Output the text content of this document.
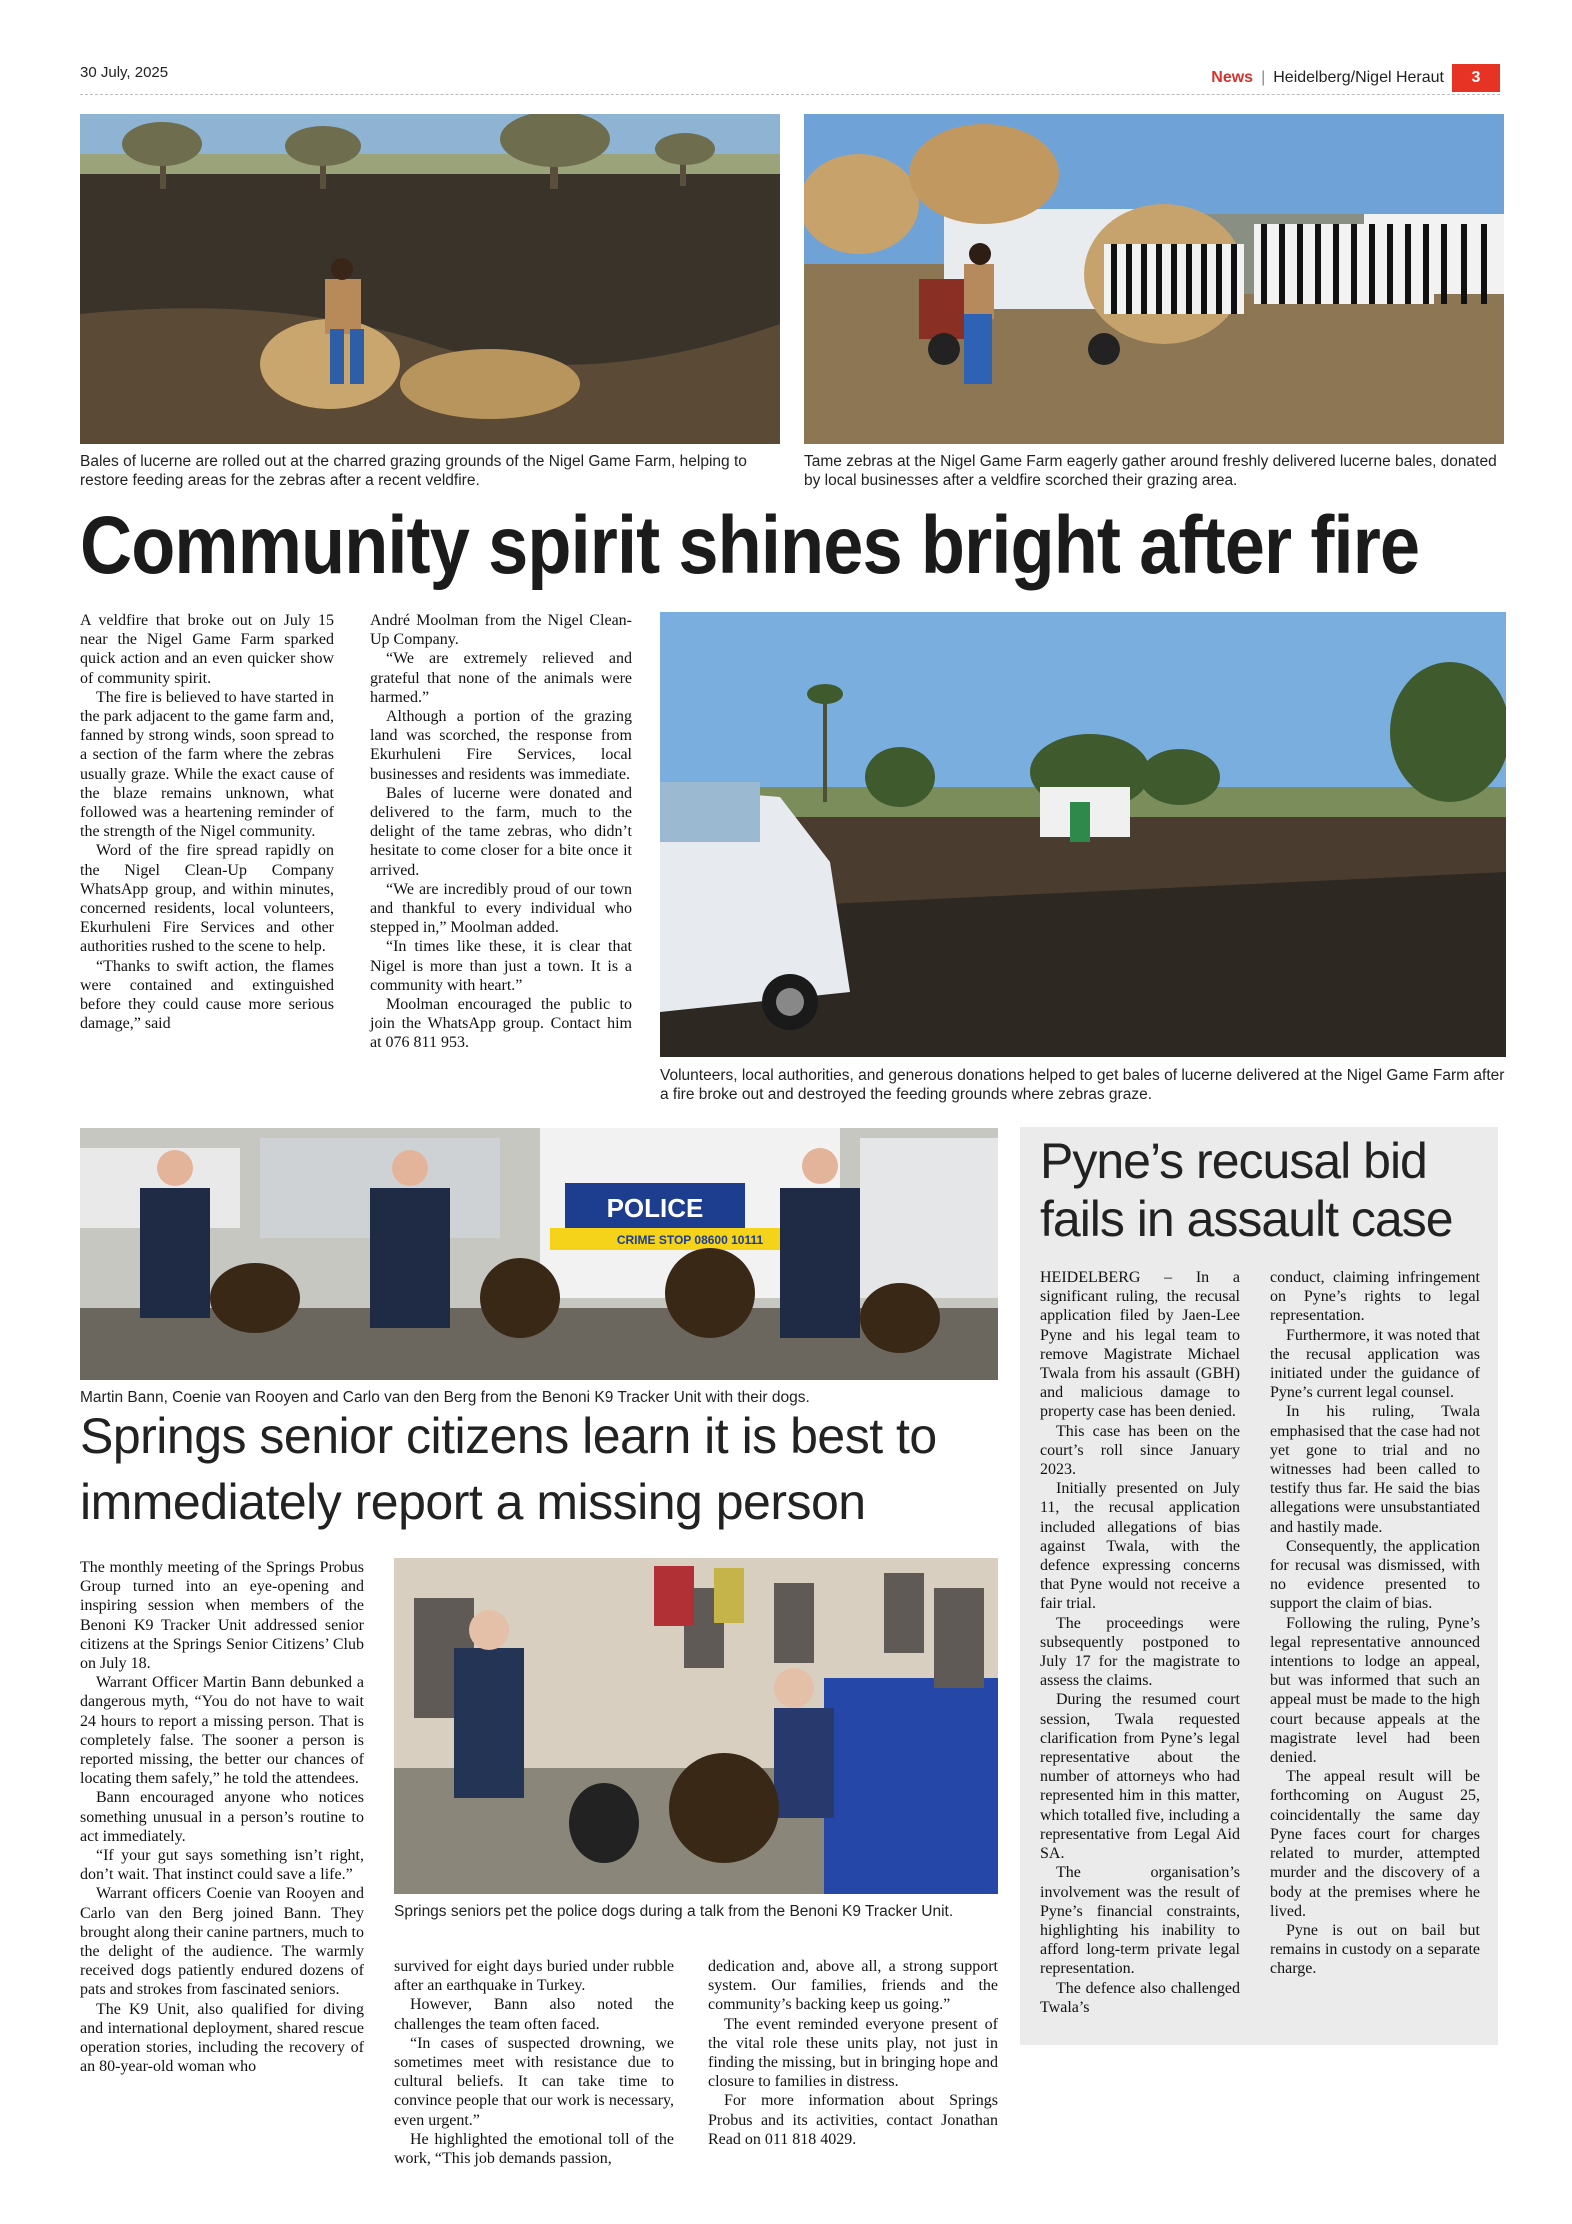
30 July, 2025	News | Heidelberg/Nigel Heraut	3
Bales of lucerne are rolled out at the charred grazing grounds of the Nigel Game Farm, helping to restore feeding areas for the zebras after a recent veldfire.
Tame zebras at the Nigel Game Farm eagerly gather around freshly delivered lucerne bales, donated by local businesses after a veldfire scorched their grazing area.
Community spirit shines bright after fire

A veldfire that broke out on July 15 near the Nigel Game Farm sparked quick action and an even quicker show of community spirit.

The fire is believed to have started in the park adjacent to the game farm and, fanned by strong winds, soon spread to a section of the farm where the zebras usually graze. While the exact cause of the blaze remains unknown, what followed was a heartening reminder of the strength of the Nigel community.

Word of the fire spread rapidly on the Nigel Clean-Up Company WhatsApp group, and within minutes, concerned residents, local volunteers, Ekurhuleni Fire Services and other authorities rushed to the scene to help.

“Thanks to swift action, the flames were contained and extinguished before they could cause more serious damage,” said

André Moolman from the Nigel Clean-Up Company.

“We are extremely relieved and grateful that none of the animals were harmed.”

Although a portion of the grazing land was scorched, the response from Ekurhuleni Fire Services, local businesses and residents was immediate.

Bales of lucerne were donated and delivered to the farm, much to the delight of the tame zebras, who didn’t hesitate to come closer for a bite once it arrived.

“We are incredibly proud of our town and thankful to every individual who stepped in,” Moolman added.

“In times like these, it is clear that Nigel is more than just a town. It is a community with heart.”

Moolman encouraged the public to join the WhatsApp group. Contact him at 076 811 953.

Volunteers, local authorities, and generous donations helped to get bales of lucerne delivered at the Nigel Game Farm after a fire broke out and destroyed the feeding grounds where zebras graze.
POLICE
CRIME STOP 08600 10111
Martin Bann, Coenie van Rooyen and Carlo van den Berg from the Benoni K9 Tracker Unit with their dogs.
Springs senior citizens learn it is best to immediately report a missing person

The monthly meeting of the Springs Probus Group turned into an eye-opening and inspiring session when members of the Benoni K9 Tracker Unit addressed senior citizens at the Springs Senior Citizens’ Club on July 18.

Warrant Officer Martin Bann debunked a dangerous myth, “You do not have to wait 24 hours to report a missing person. That is completely false. The sooner a person is reported missing, the better our chances of locating them safely,” he told the attendees.

Bann encouraged anyone who notices something unusual in a person’s routine to act immediately.

“If your gut says something isn’t right, don’t wait. That instinct could save a life.”

Warrant officers Coenie van Rooyen and Carlo van den Berg joined Bann. They brought along their canine partners, much to the delight of the audience. The warmly received dogs patiently endured dozens of pats and strokes from fascinated seniors.

The K9 Unit, also qualified for diving and international deployment, shared rescue operation stories, including the recovery of an 80-year-old woman who

Springs seniors pet the police dogs during a talk from the Benoni K9 Tracker Unit.

survived for eight days buried under rubble after an earthquake in Turkey.

However, Bann also noted the challenges the team often faced.

“In cases of suspected drowning, we sometimes meet with resistance due to cultural beliefs. It can take time to convince people that our work is necessary, even urgent.”

He highlighted the emotional toll of the work, “This job demands passion,

dedication and, above all, a strong support system. Our families, friends and the community’s backing keep us going.”

The event reminded everyone present of the vital role these units play, not just in finding the missing, but in bringing hope and closure to families in distress.

For more information about Springs Probus and its activities, contact Jonathan Read on 011 818 4029.

Pyne’s recusal bid fails in assault case

HEIDELBERG – In a significant ruling, the recusal application filed by Jaen-Lee Pyne and his legal team to remove Magistrate Michael Twala from his assault (GBH) and malicious damage to property case has been denied.

This case has been on the court’s roll since January 2023.

Initially presented on July 11, the recusal application included allegations of bias against Twala, with the defence expressing concerns that Pyne would not receive a fair trial.

The proceedings were subsequently postponed to July 17 for the magistrate to assess the claims.

During the resumed court session, Twala requested clarification from Pyne’s legal representative about the number of attorneys who had represented him in this matter, which totalled five, including a representative from Legal Aid SA.

The organisation’s involvement was the result of Pyne’s financial constraints, highlighting his inability to afford long-term private legal representation.

The defence also challenged Twala’s

conduct, claiming infringement on Pyne’s rights to legal representation.

Furthermore, it was noted that the recusal application was initiated under the guidance of Pyne’s current legal counsel.

In his ruling, Twala emphasised that the case had not yet gone to trial and no witnesses had been called to testify thus far. He said the bias allegations were unsubstantiated and hastily made.

Consequently, the application for recusal was dismissed, with no evidence presented to support the claim of bias.

Following the ruling, Pyne’s legal representative announced intentions to lodge an appeal, but was informed that such an appeal must be made to the high court because appeals at the magistrate level had been denied.

The appeal result will be forthcoming on August 25, coincidentally the same day Pyne faces court for charges related to murder, attempted murder and the discovery of a body at the premises where he lived.

Pyne is out on bail but remains in custody on a separate charge.
